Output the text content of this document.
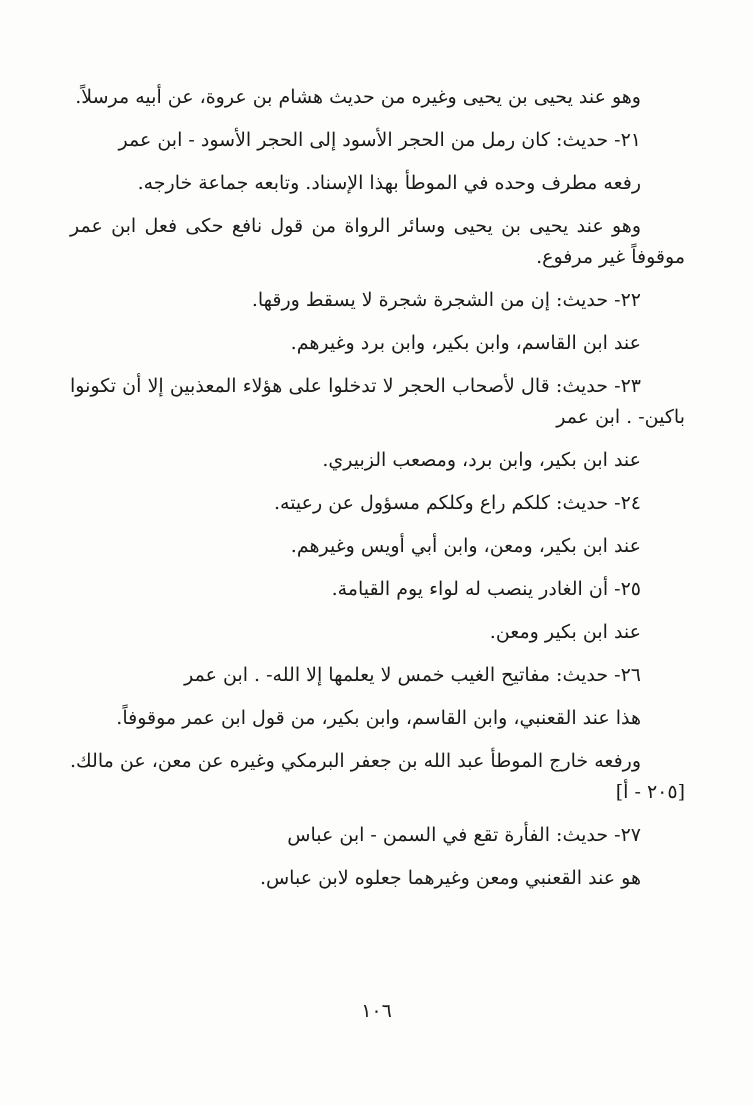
وهو عند يحيى بن يحيى وغيره من حديث هشام بن عروة، عن أبيه مرسلاً.

٢١- حديث: كان رمل من الحجر الأسود إلى الحجر الأسود - ابن عمر

رفعه مطرف وحده في الموطأ بهذا الإسناد. وتابعه جماعة خارجه.

وهو عند يحيى بن يحيى وسائر الرواة من قول نافع حكى فعل ابن عمر موقوفاً غير مرفوع.

٢٢- حديث: إن من الشجرة شجرة لا يسقط ورقها.

عند ابن القاسم، وابن بكير، وابن برد وغيرهم.

٢٣- حديث: قال لأصحاب الحجر لا تدخلوا على هؤلاء المعذبين إلا أن تكونوا باكين- . ابن عمر

عند ابن بكير، وابن برد، ومصعب الزبيري.

٢٤- حديث: كلكم راع وكلكم مسؤول عن رعيته.

عند ابن بكير، ومعن، وابن أبي أويس وغيرهم.

٢٥- أن الغادر ينصب له لواء يوم القيامة.

عند ابن بكير ومعن.

٢٦- حديث: مفاتيح الغيب خمس لا يعلمها إلا الله- . ابن عمر

هذا عند القعنبي، وابن القاسم، وابن بكير، من قول ابن عمر موقوفاً.

ورفعه خارج الموطأ عبد الله بن جعفر البرمكي وغيره عن معن، عن مالك. [٢٠٥ - أ]

٢٧- حديث: الفأرة تقع في السمن - ابن عباس

هو عند القعنبي ومعن وغيرهما جعلوه لابن عباس.

١٠٦
